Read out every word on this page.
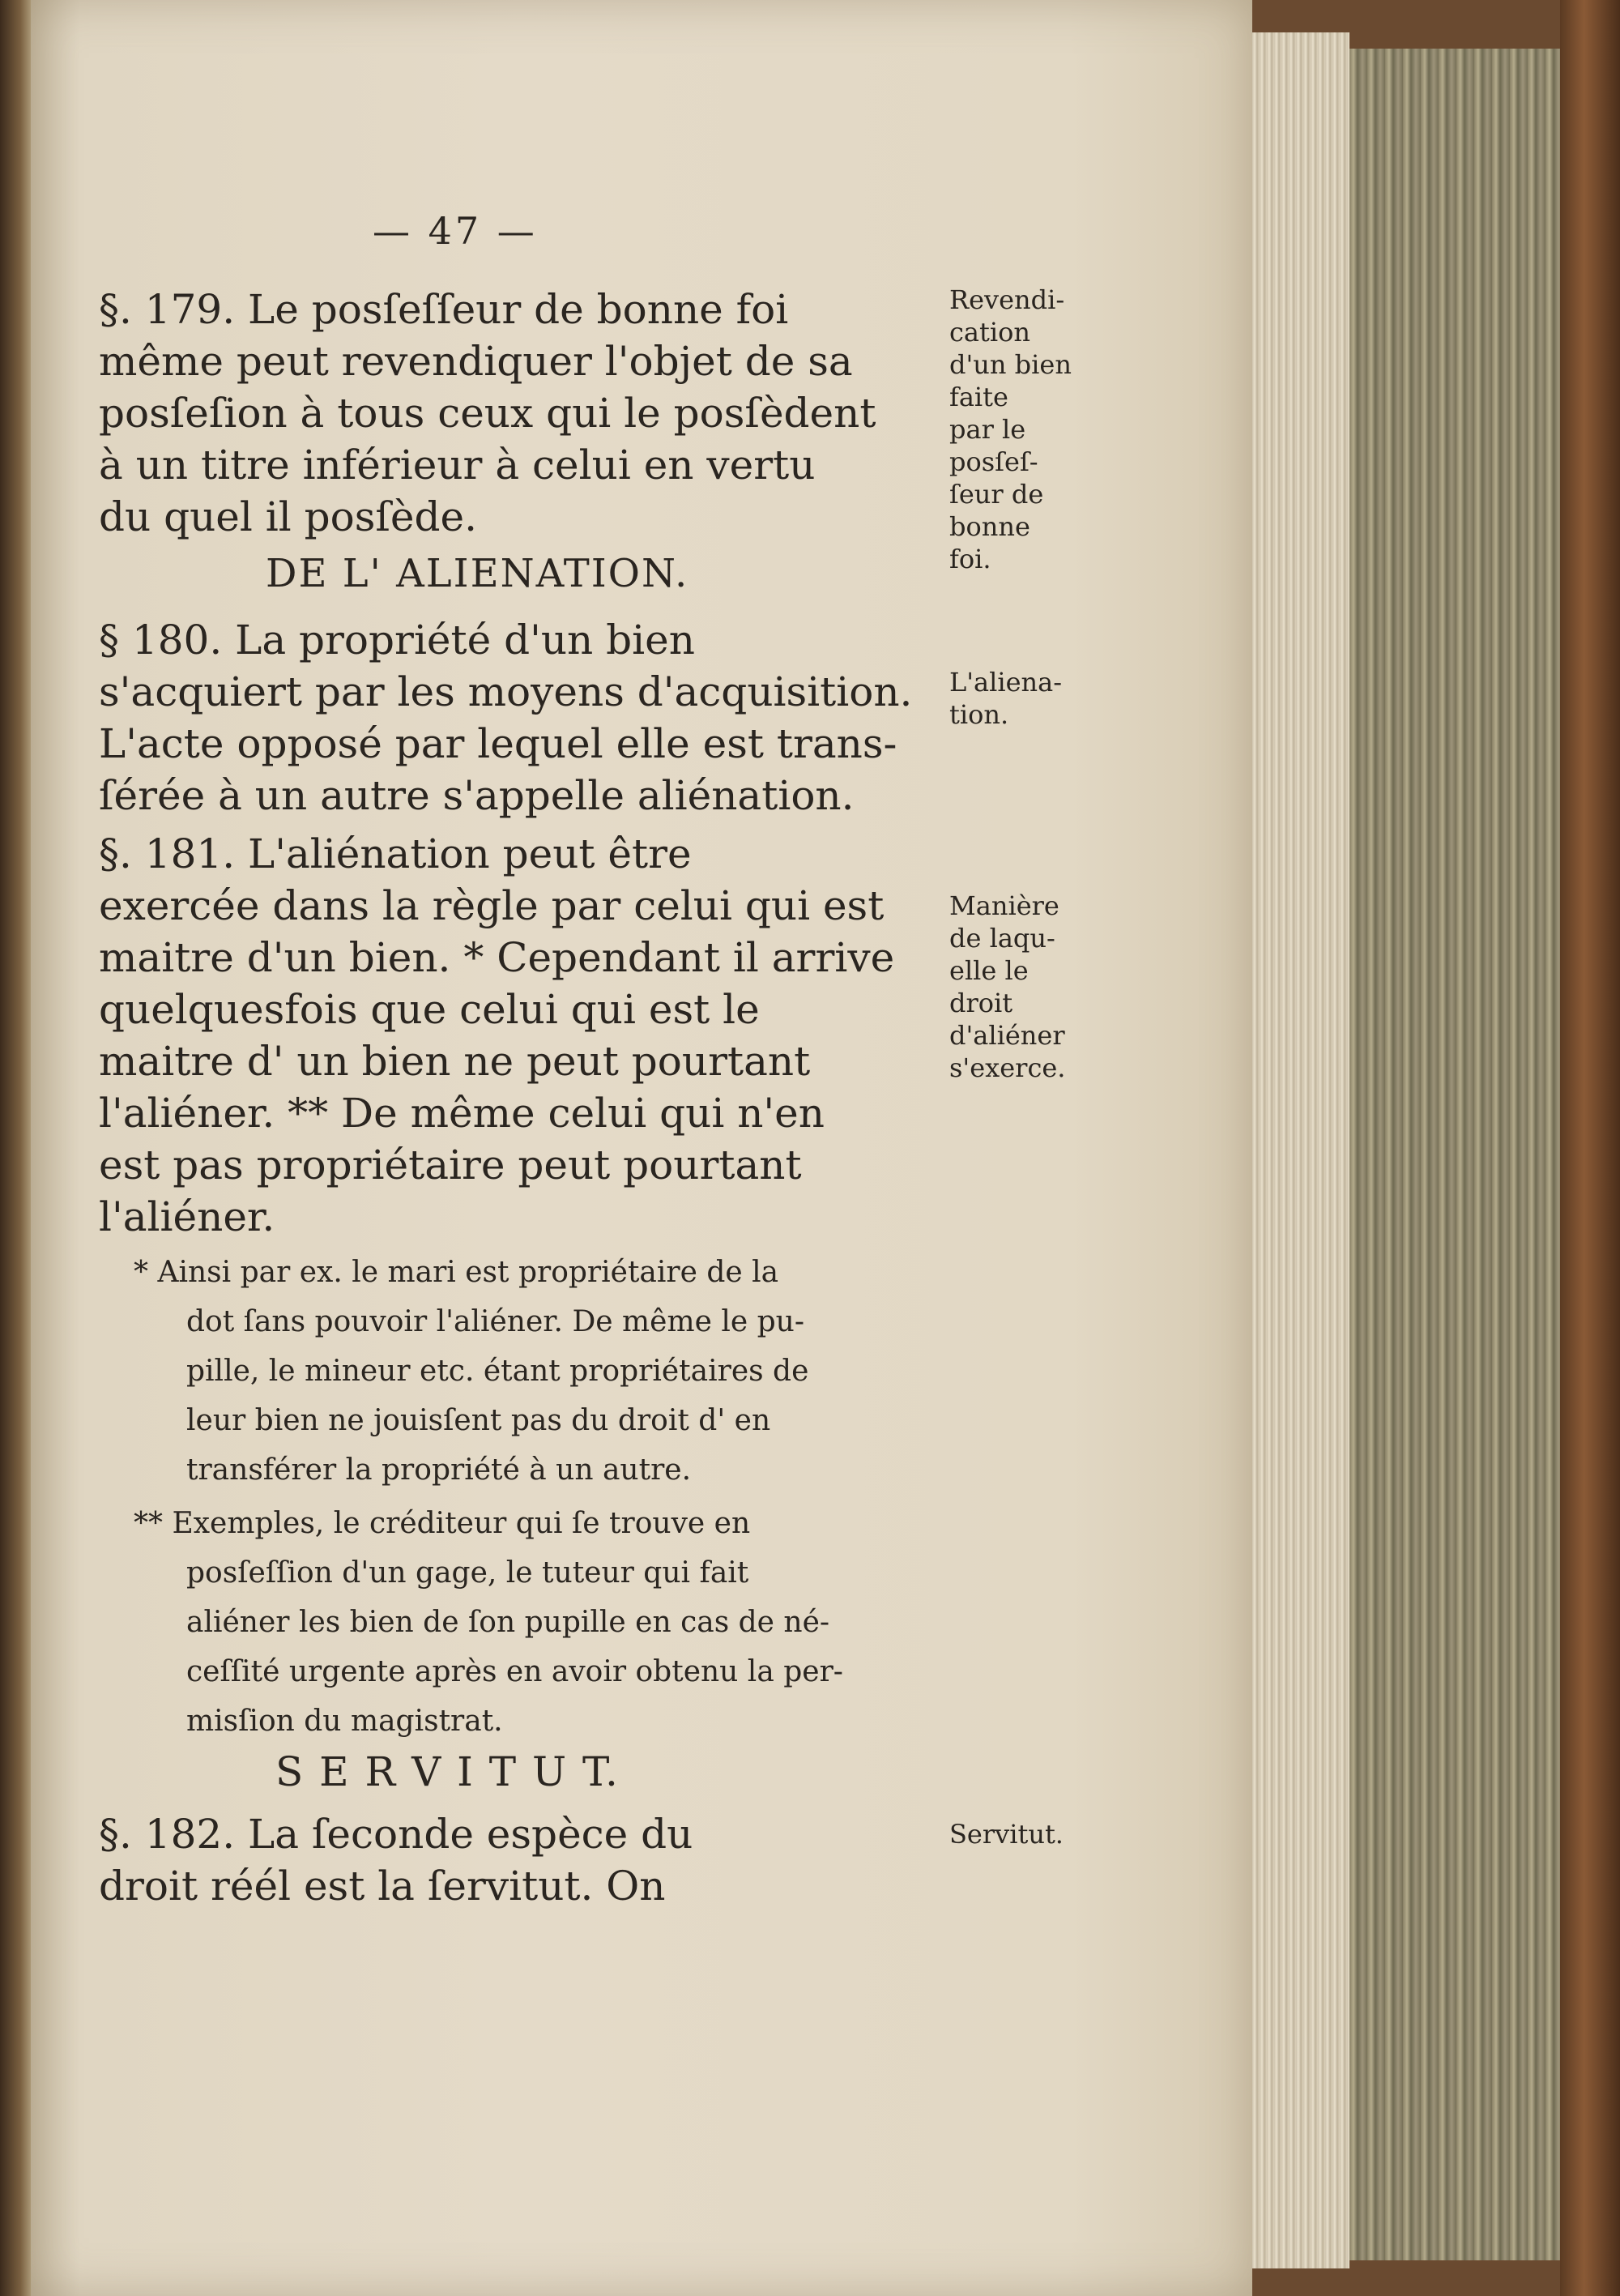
— 47 —
§. 179. Le posſeſſeur de bonne foi
même peut revendiquer l'objet de sa
posſeſion à tous ceux qui le posſèdent
à un titre inférieur à celui en vertu
du quel il posſède.
DE L' ALIENATION.
§ 180. La propriété d'un bien
s'acquiert par les moyens d'acquisition.
L'acte opposé par lequel elle est trans-
ſérée à un autre s'appelle aliénation.
§. 181. L'aliénation peut être
exercée dans la règle par celui qui est
maitre d'un bien. * Cependant il arrive
quelquesfois que celui qui est le
maitre d' un bien ne peut pourtant
l'aliéner. ** De même celui qui n'en
est pas propriétaire peut pourtant
l'aliéner.
* Ainsi par ex. le mari est propriétaire de la
dot ſans pouvoir l'aliéner. De même le pu-
pille, le mineur etc. étant propriétaires de
leur bien ne jouisſent pas du droit d' en
transférer la propriété à un autre.
** Exemples, le créditeur qui ſe trouve en
posſeſſion d'un gage, le tuteur qui fait
aliéner les bien de ſon pupille en cas de né-
ceſſité urgente après en avoir obtenu la per-
misſion du magistrat.
S E R V I T U T.
§. 182. La ſeconde espèce du
droit réél est la ſervitut. On
Revendi-
cation
d'un bien
faite
par le
posſeſ-
ſeur de
bonne
foi.
L'aliena-
tion.
Manière
de laqu-
elle le
droit
d'aliéner
s'exerce.
Servitut.
